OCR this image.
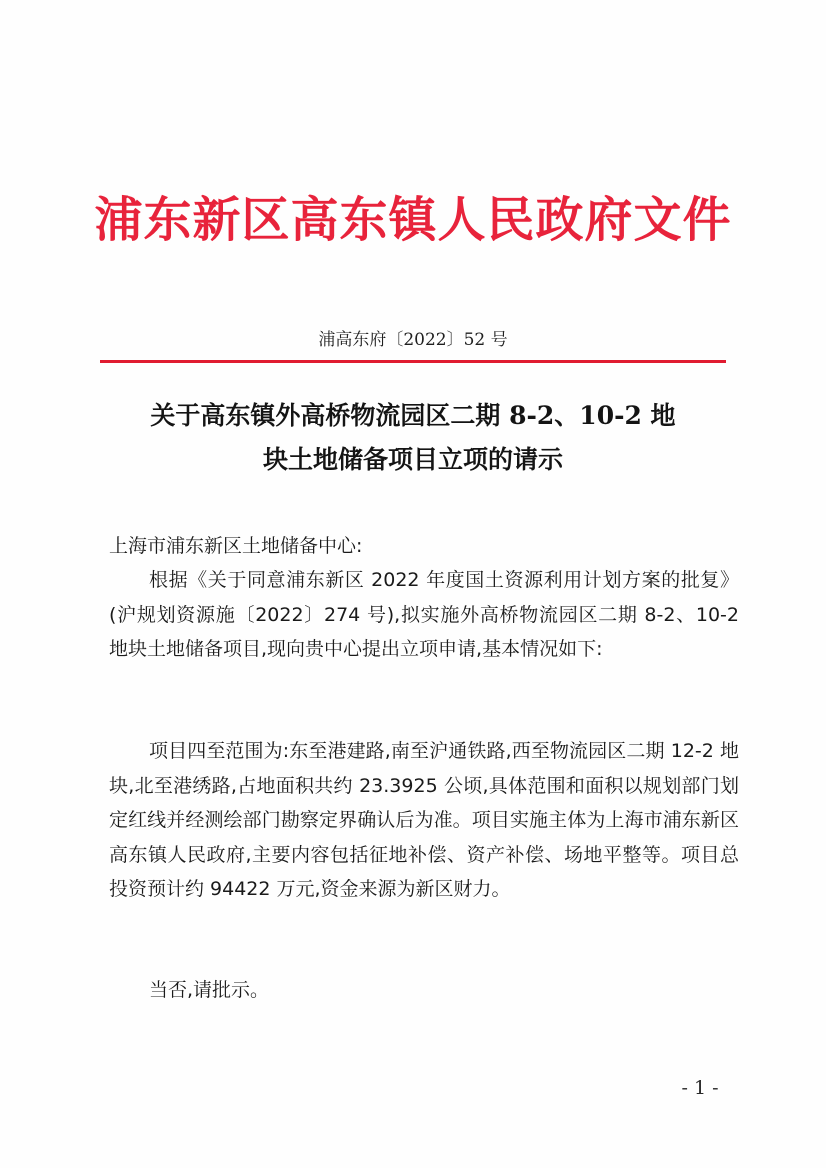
浦东新区高东镇人民政府文件
浦高东府〔2022〕52 号
关于高东镇外高桥物流园区二期 8-2、10-2 地
块土地储备项目立项的请示
上海市浦东新区土地储备中心:
根据《关于同意浦东新区 2022 年度国土资源利用计划方案的批复》(沪规划资源施〔2022〕274 号),拟实施外高桥物流园区二期 8-2、10-2 地块土地储备项目,现向贵中心提出立项申请,基本情况如下:
项目四至范围为:东至港建路,南至沪通铁路,西至物流园区二期 12-2 地块,北至港绣路,占地面积共约 23.3925 公顷,具体范围和面积以规划部门划定红线并经测绘部门勘察定界确认后为准。项目实施主体为上海市浦东新区高东镇人民政府,主要内容包括征地补偿、资产补偿、场地平整等。项目总投资预计约 94422 万元,资金来源为新区财力。
当否,请批示。
- 1 -
